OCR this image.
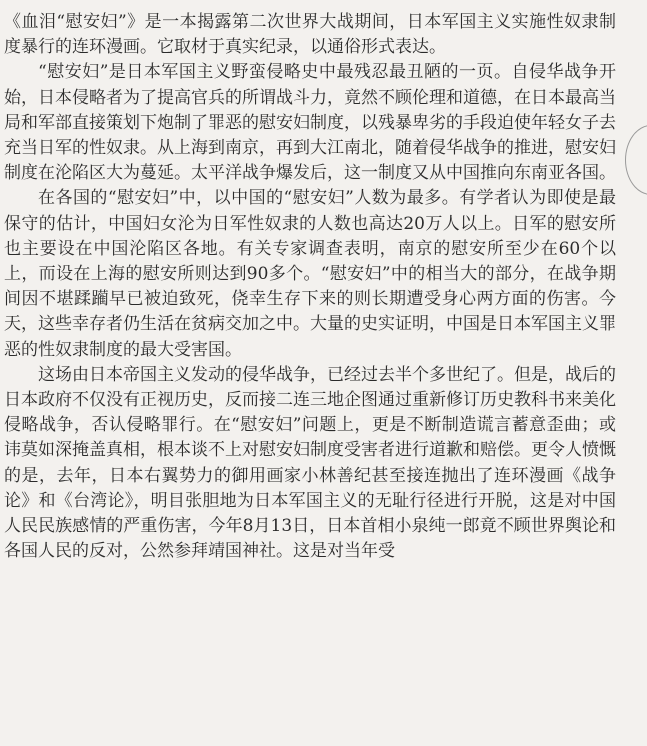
《血泪“慰安妇”》是一本揭露第二次世界大战期间，日本军国主义实施性奴隶制度暴行的连环漫画。它取材于真实纪录，以通俗形式表达。

“慰安妇”是日本军国主义野蛮侵略史中最残忍最丑陋的一页。自侵华战争开始，日本侵略者为了提高官兵的所谓战斗力，竟然不顾伦理和道德，在日本最高当局和军部直接策划下炮制了罪恶的慰安妇制度，以残暴卑劣的手段迫使年轻女子去充当日军的性奴隶。从上海到南京，再到大江南北，随着侵华战争的推进，慰安妇制度在沦陷区大为蔓延。太平洋战争爆发后，这一制度又从中国推向东南亚各国。

在各国的“慰安妇”中，以中国的“慰安妇”人数为最多。有学者认为即使是最保守的估计，中国妇女沦为日军性奴隶的人数也高达20万人以上。日军的慰安所也主要设在中国沦陷区各地。有关专家调查表明，南京的慰安所至少在60个以上，而设在上海的慰安所则达到90多个。“慰安妇”中的相当大的部分，在战争期间因不堪蹂躏早已被迫致死，侥幸生存下来的则长期遭受身心两方面的伤害。今天，这些幸存者仍生活在贫病交加之中。大量的史实证明，中国是日本军国主义罪恶的性奴隶制度的最大受害国。

这场由日本帝国主义发动的侵华战争，已经过去半个多世纪了。但是，战后的日本政府不仅没有正视历史，反而接二连三地企图通过重新修订历史教科书来美化侵略战争，否认侵略罪行。在“慰安妇”问题上，更是不断制造谎言蓄意歪曲；或讳莫如深掩盖真相，根本谈不上对慰安妇制度受害者进行道歉和赔偿。更令人愤慨的是，去年，日本右翼势力的御用画家小林善纪甚至接连抛出了连环漫画《战争论》和《台湾论》，明目张胆地为日本军国主义的无耻行径进行开脱，这是对中国人民民族感情的严重伤害，今年8月13日，日本首相小泉纯一郎竟不顾世界舆论和各国人民的反对，公然参拜靖国神社。这是对当年受
